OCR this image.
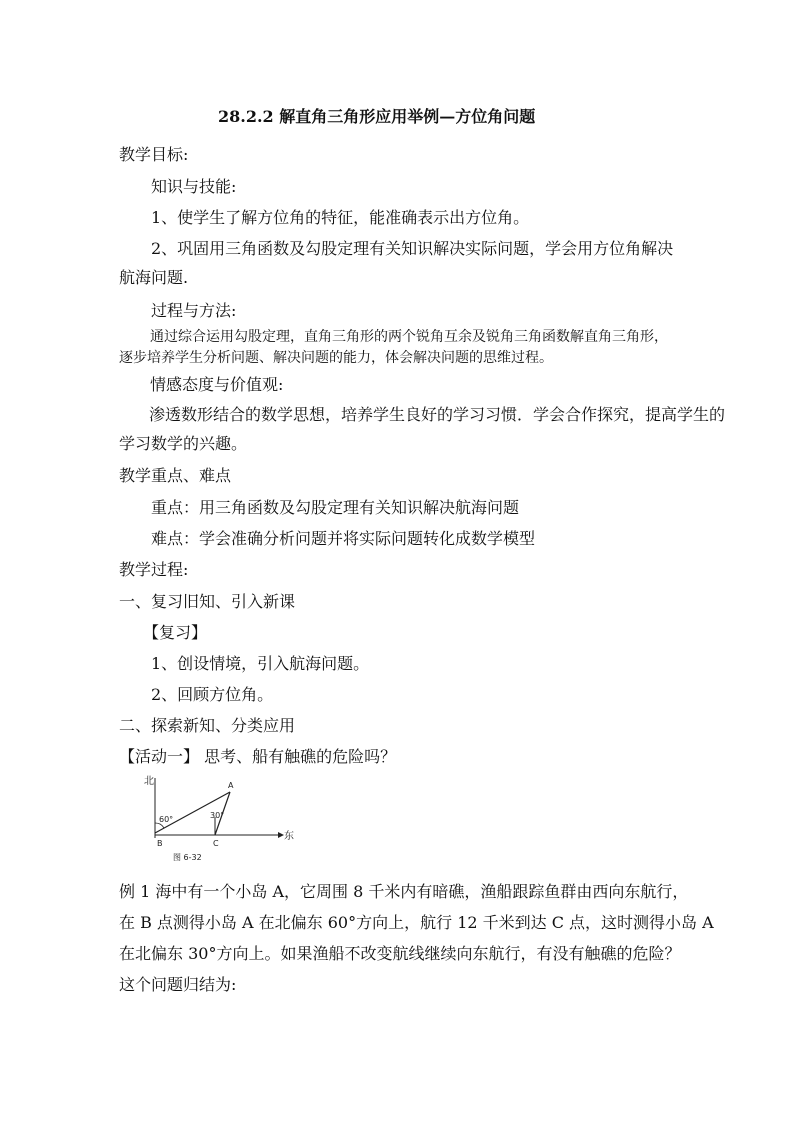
28.2.2 解直角三角形应用举例—方位角问题
教学目标:
知识与技能:
1、使学生了解方位角的特征，能准确表示出方位角。
2、巩固用三角函数及勾股定理有关知识解决实际问题，学会用方位角解决
航海问题.
过程与方法:
通过综合运用勾股定理，直角三角形的两个锐角互余及锐角三角函数解直角三角形，
逐步培养学生分析问题、解决问题的能力，体会解决问题的思维过程。
情感态度与价值观:
渗透数形结合的数学思想，培养学生良好的学习习惯．学会合作探究，提高学生的
学习数学的兴趣。
教学重点、难点
重点：用三角函数及勾股定理有关知识解决航海问题
难点：学会准确分析问题并将实际问题转化成数学模型
教学过程:
一、复习旧知、引入新课
【复习】
1、创设情境，引入航海问题。
2、回顾方位角。
二、探索新知、分类应用
【活动一】 思考、船有触礁的危险吗？
北
东
A
B	C
60°	30°
图 6-32
例 1 海中有一个小岛 A，它周围 8 千米内有暗礁，渔船跟踪鱼群由西向东航行，
在 B 点测得小岛 A 在北偏东 60°方向上，航行 12 千米到达 C 点，这时测得小岛 A
在北偏东 30°方向上。如果渔船不改变航线继续向东航行，有没有触礁的危险？
这个问题归结为:
